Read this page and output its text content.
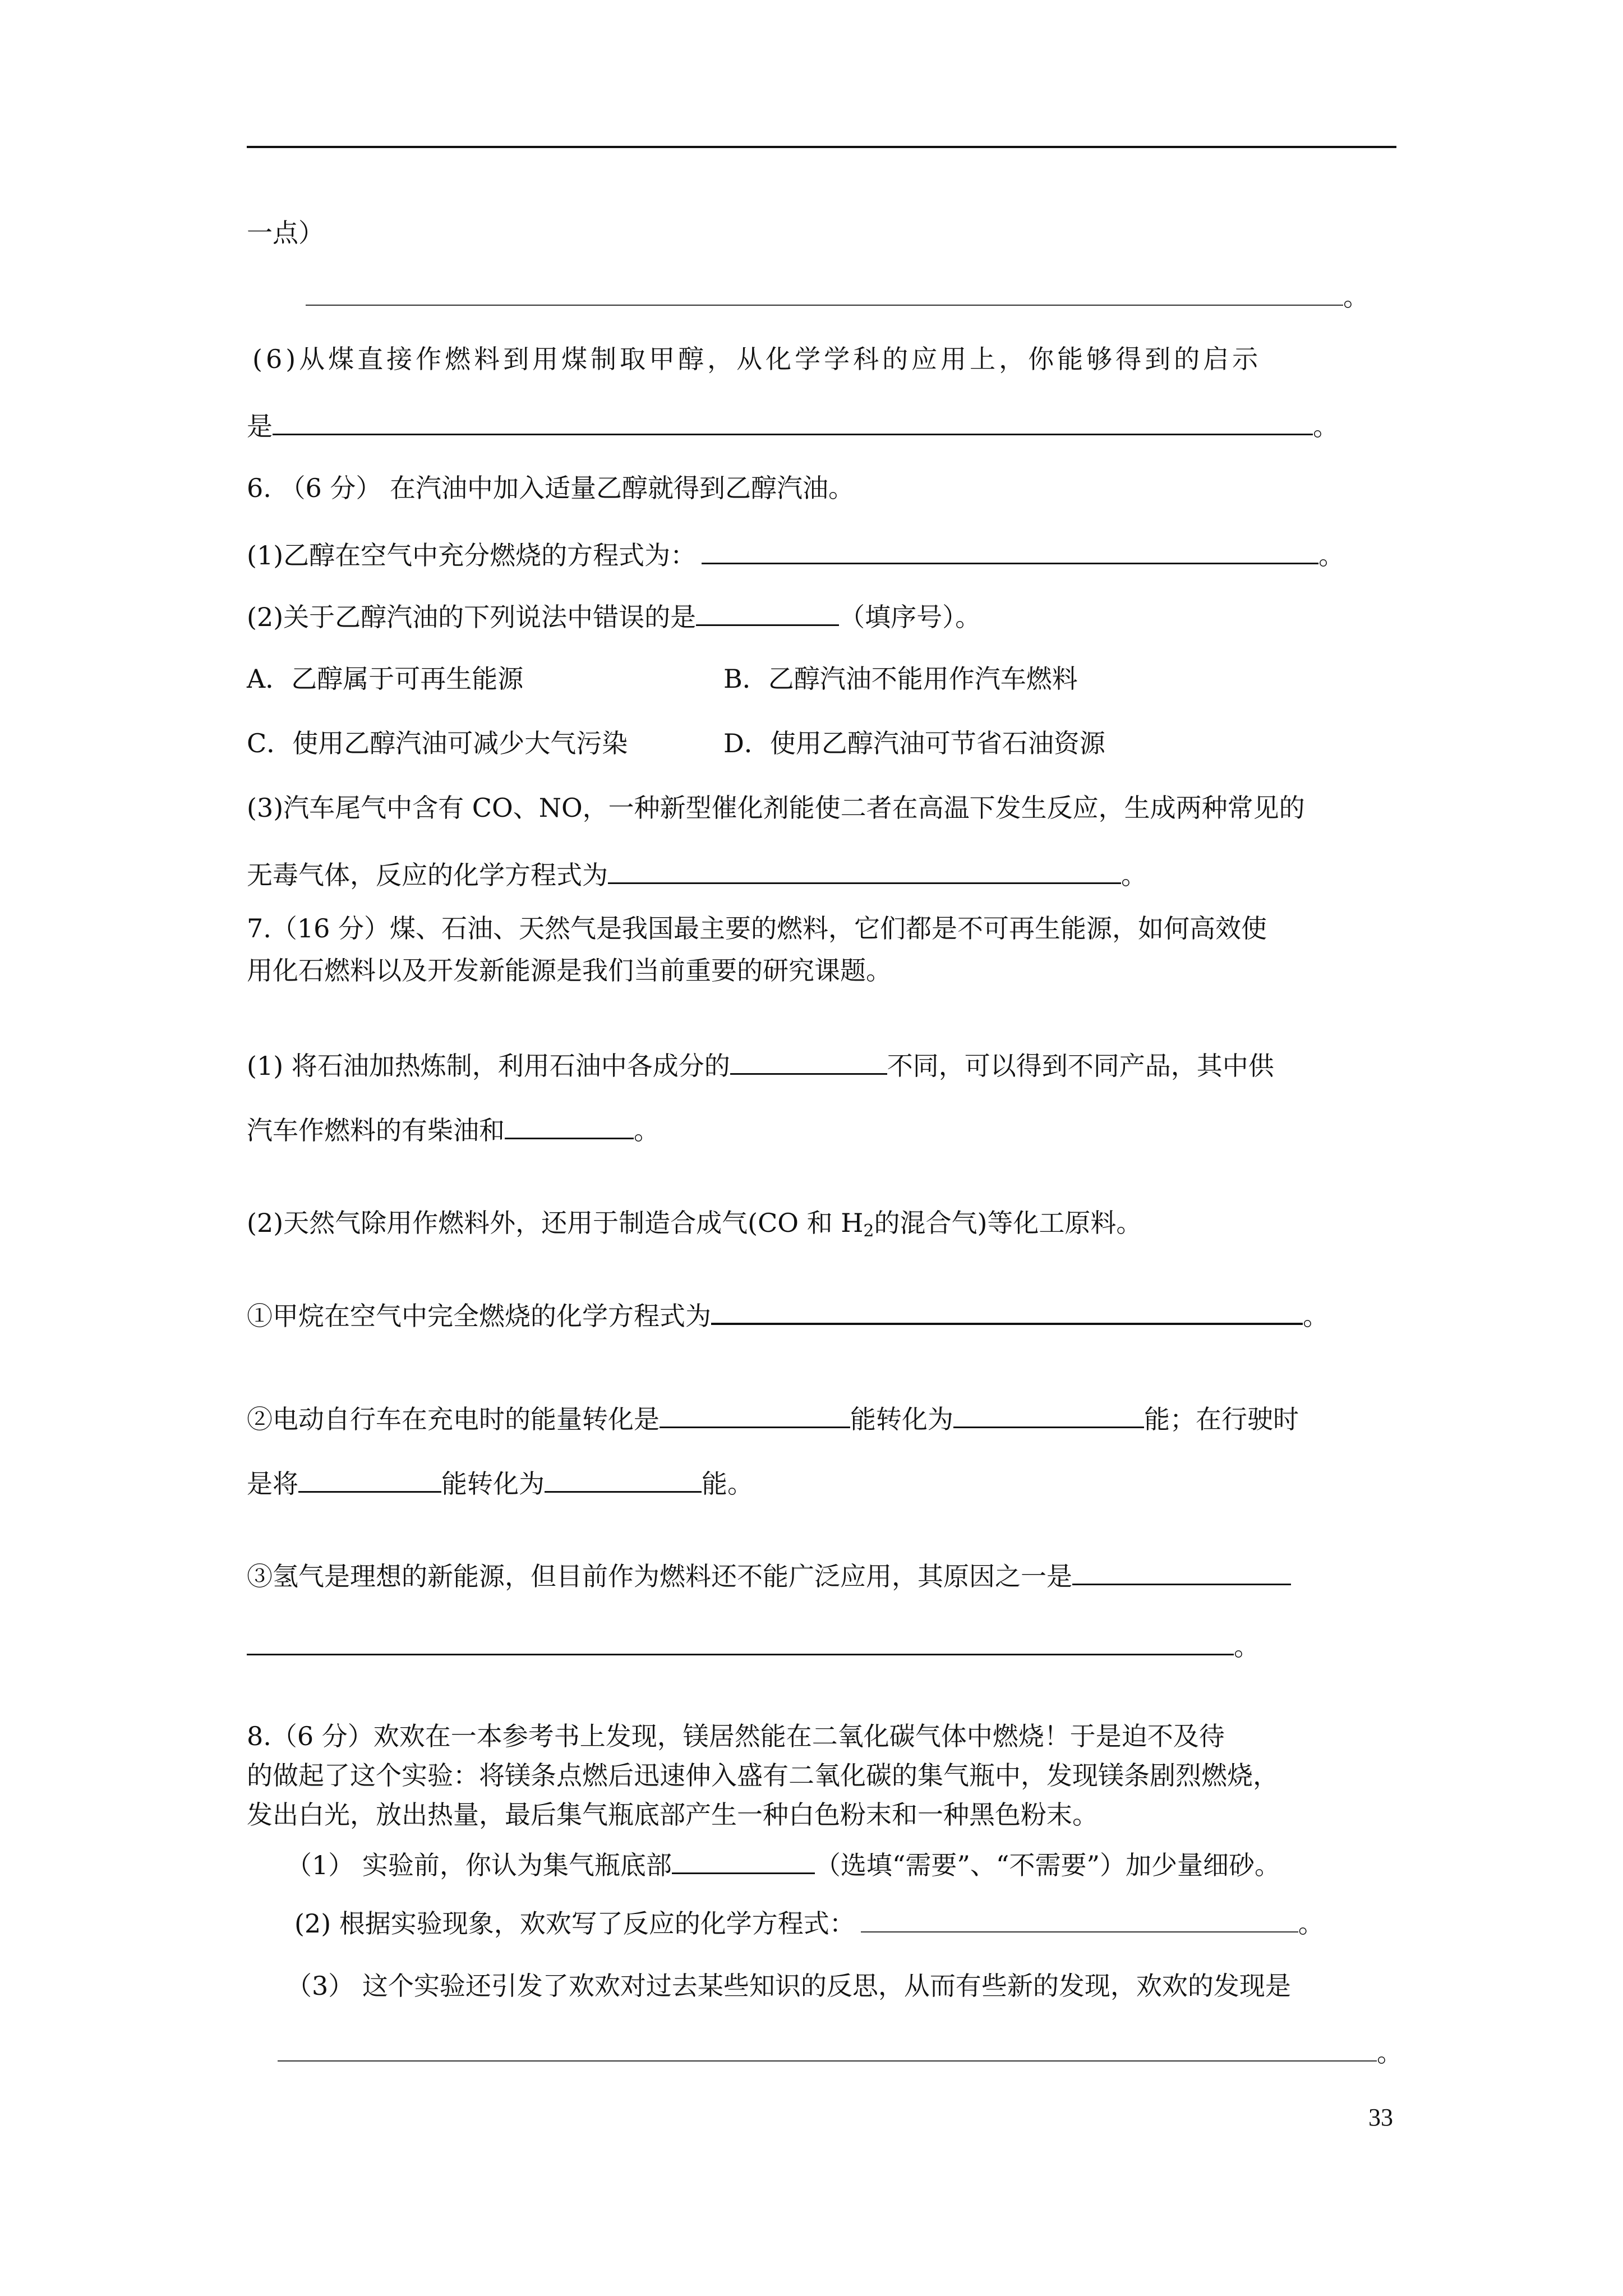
一点）
。
(6)从煤直接作燃料到用煤制取甲醇，从化学学科的应用上，你能够得到的启示
是	。
6. （6 分） 在汽油中加入适量乙醇就得到乙醇汽油。
(1)乙醇在空气中充分燃烧的方程式为：	。
(2)关于乙醇汽油的下列说法中错误的是	（填序号）。
A．乙醇属于可再生能源	B．乙醇汽油不能用作汽车燃料
C．使用乙醇汽油可减少大气污染	D．使用乙醇汽油可节省石油资源
(3)汽车尾气中含有 CO、NO，一种新型催化剂能使二者在高温下发生反应，生成两种常见的
无毒气体，反应的化学方程式为	。
7.（16 分）煤、石油、天然气是我国最主要的燃料，它们都是不可再生能源，如何高效使
用化石燃料以及开发新能源是我们当前重要的研究课题。
(1) 将石油加热炼制，利用石油中各成分的	不同，可以得到不同产品，其中供
汽车作燃料的有柴油和	。
(2)天然气除用作燃料外，还用于制造合成气(CO 和 $H_2$的混合气)等化工原料。
①甲烷在空气中完全燃烧的化学方程式为	。
②电动自行车在充电时的能量转化是	能转化为	能；在行驶时
是将	能转化为	能。
③氢气是理想的新能源，但目前作为燃料还不能广泛应用，其原因之一是
。
8.（6 分）欢欢在一本参考书上发现，镁居然能在二氧化碳气体中燃烧！于是迫不及待
的做起了这个实验：将镁条点燃后迅速伸入盛有二氧化碳的集气瓶中，发现镁条剧烈燃烧，
发出白光，放出热量，最后集气瓶底部产生一种白色粉末和一种黑色粉末。
（1） 实验前，你认为集气瓶底部	（选填“需要”、“不需要”）加少量细砂。
(2) 根据实验现象，欢欢写了反应的化学方程式：	。
（3） 这个实验还引发了欢欢对过去某些知识的反思，从而有些新的发现，欢欢的发现是
。
33
